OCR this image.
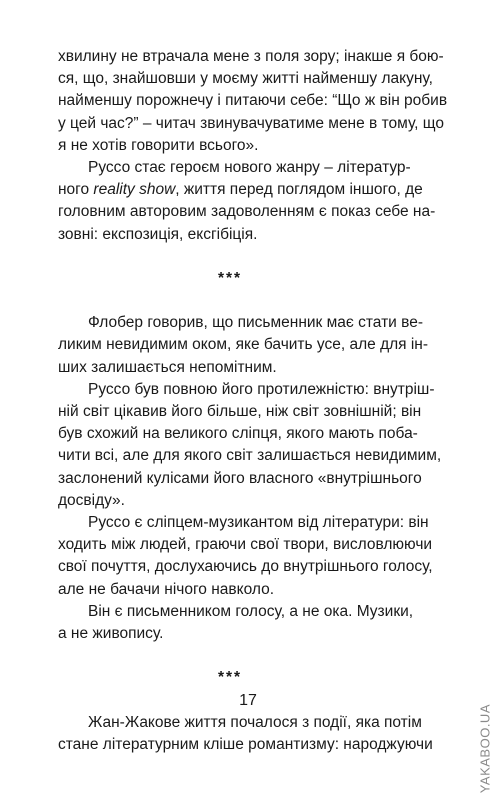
хвилину не втрачала мене з поля зору; інакше я бою-
ся, що, знайшовши у моєму житті найменшу лакуну,
найменшу порожнечу і питаючи себе: “Що ж він робив
у цей час?” – читач звинувачуватиме мене в тому, що
я не хотів говорити всього».
Руссо стає героєм нового жанру – літератур-
ного reality show, життя перед поглядом іншого, де
головним авторовим задоволенням є показ себе на-
зовні: експозиція, ексгібіція.
***
Флобер говорив, що письменник має стати ве-
ликим невидимим оком, яке бачить усе, але для ін-
ших залишається непомітним.
Руссо був повною його протилежністю: внутріш-
ній світ цікавив його більше, ніж світ зовнішній; він
був схожий на великого сліпця, якого мають поба-
чити всі, але для якого світ залишається невидимим,
заслонений кулісами його власного «внутрішнього
досвіду».
Руссо є сліпцем-музикантом від літератури: він
ходить між людей, граючи свої твори, висловлюючи
свої почуття, дослухаючись до внутрішнього голосу,
але не бачачи нічого навколо.
Він є письменником голосу, а не ока. Музики,
а не живопису.
***
Жан-Жакове життя почалося з події, яка потім
стане літературним кліше романтизму: народжуючи
17
YAKABOO.UA
